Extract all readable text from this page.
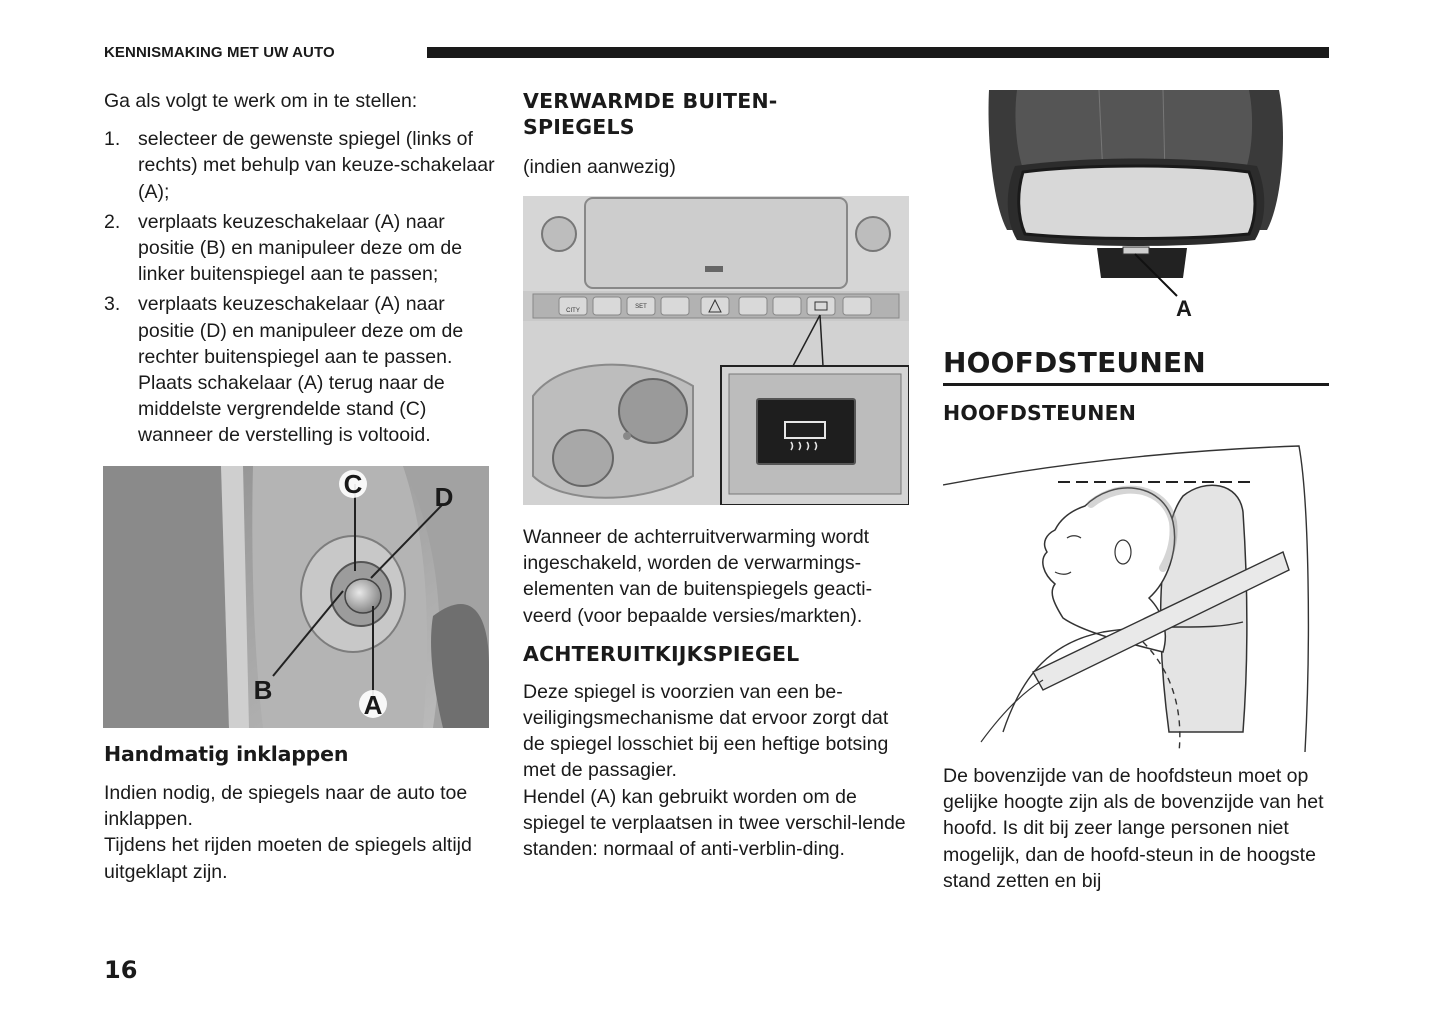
KENNISMAKING MET UW AUTO

Ga als volgt te werk om in te stellen:

1. selecteer de gewenste spiegel (links of rechts) met behulp van keuze-schakelaar (A);
2. verplaats keuzeschakelaar (A) naar positie (B) en manipuleer deze om de linker buitenspiegel aan te passen;
3. verplaats keuzeschakelaar (A) naar positie (D) en manipuleer deze om de rechter buitenspiegel aan te passen. Plaats schakelaar (A) terug naar de middelste vergrendelde stand (C) wanneer de verstelling is voltooid.
C	D
B	A
Handmatig inklappen

Indien nodig, de spiegels naar de auto toe inklappen.

Tijdens het rijden moeten de spiegels altijd uitgeklapt zijn.

VERWARMDE BUITEN-SPIEGELS

(indien aanwezig)

CITY
SET

Wanneer de achterruitverwarming wordt ingeschakeld, worden de verwarmings-elementen van de buitenspiegels geacti-veerd (voor bepaalde versies/markten).

ACHTERUITKIJKSPIEGEL

Deze spiegel is voorzien van een be-veiligingsmechanisme dat ervoor zorgt dat de spiegel losschiet bij een heftige botsing met de passagier.

Hendel (A) kan gebruikt worden om de spiegel te verplaatsen in twee verschil-lende standen: normaal of anti-verblin-ding.

A
HOOFDSTEUNEN
HOOFDSTEUNEN

De bovenzijde van de hoofdsteun moet op gelijke hoogte zijn als de bovenzijde van het hoofd. Is dit bij zeer lange personen niet mogelijk, dan de hoofd-steun in de hoogste stand zetten en bij

16
